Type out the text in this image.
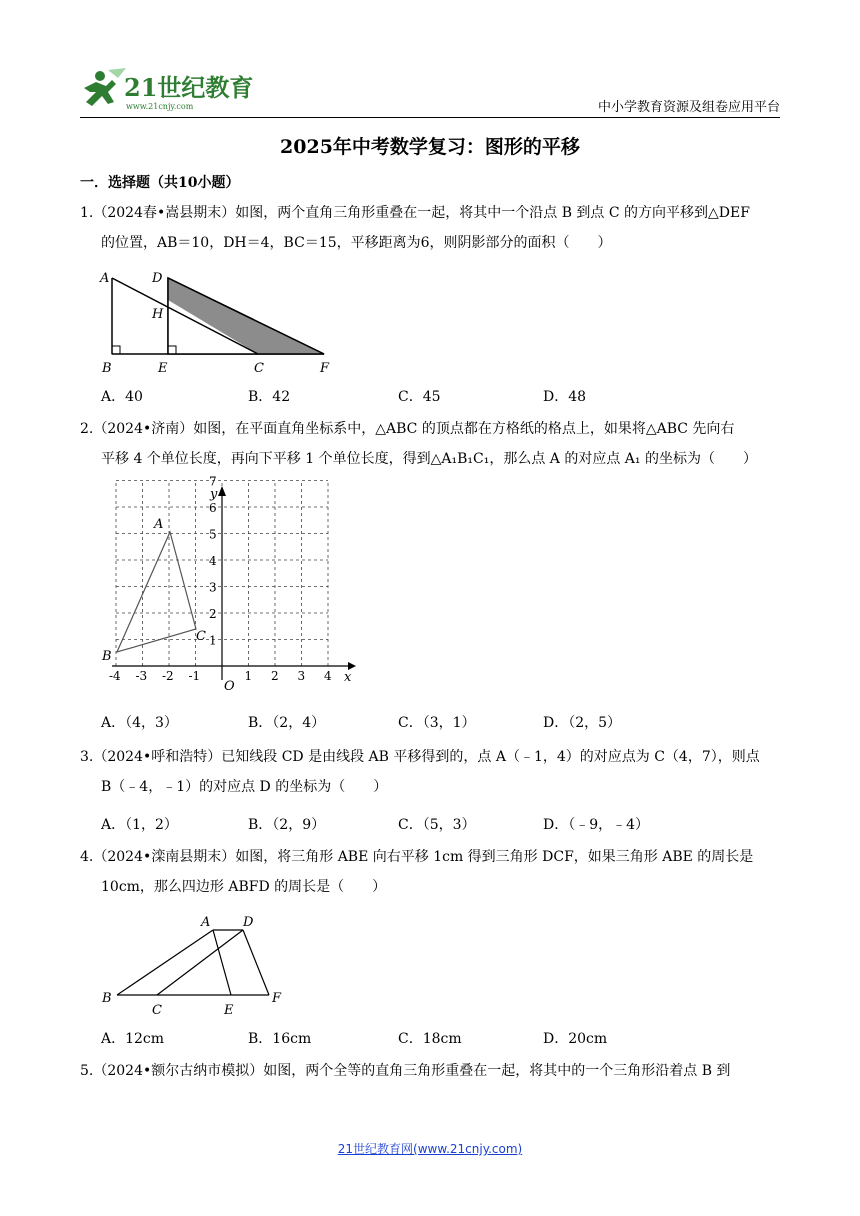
21世纪教育
www.21cnjy.com	中小学教育资源及组卷应用平台
2025年中考数学复习：图形的平移
一．选择题（共10小题）
1.（2024春•嵩县期末）如图，两个直角三角形重叠在一起，将其中一个沿点 B 到点 C 的方向平移到△DEF
的位置，AB＝10，DH＝4，BC＝15，平移距离为6，则阴影部分的面积（　　）
A	D
H
B	E	C	F
A．40	B．42	C．45	D．48
2.（2024•济南）如图，在平面直角坐标系中，△ABC 的顶点都在方格纸的格点上，如果将△ABC 先向右
平移 4 个单位长度，再向下平移 1 个单位长度，得到△A₁B₁C₁，那么点 A 的对应点 A₁ 的坐标为（　　）
x
y
O
A
B
C
-4 -3 -2 -1	1 2 3 4
1
2
3
4
5
6
7
A．（4，3）	B．（2，4）	C．（3，1）	D．（2，5）
3.（2024•呼和浩特）已知线段 CD 是由线段 AB 平移得到的，点 A（﹣1，4）的对应点为 C（4，7），则点
B（﹣4，﹣1）的对应点 D 的坐标为（　　）
A．（1，2）	B．（2，9）	C．（5，3）	D．（﹣9，﹣4）
4.（2024•滦南县期末）如图，将三角形 ABE 向右平移 1cm 得到三角形 DCF，如果三角形 ABE 的周长是
10cm，那么四边形 ABFD 的周长是（　　）
A	D
B
C	E
F
A．12cm	B．16cm	C．18cm	D．20cm
5.（2024•额尔古纳市模拟）如图，两个全等的直角三角形重叠在一起，将其中的一个三角形沿着点 B 到
21世纪教育网(www.21cnjy.com)
